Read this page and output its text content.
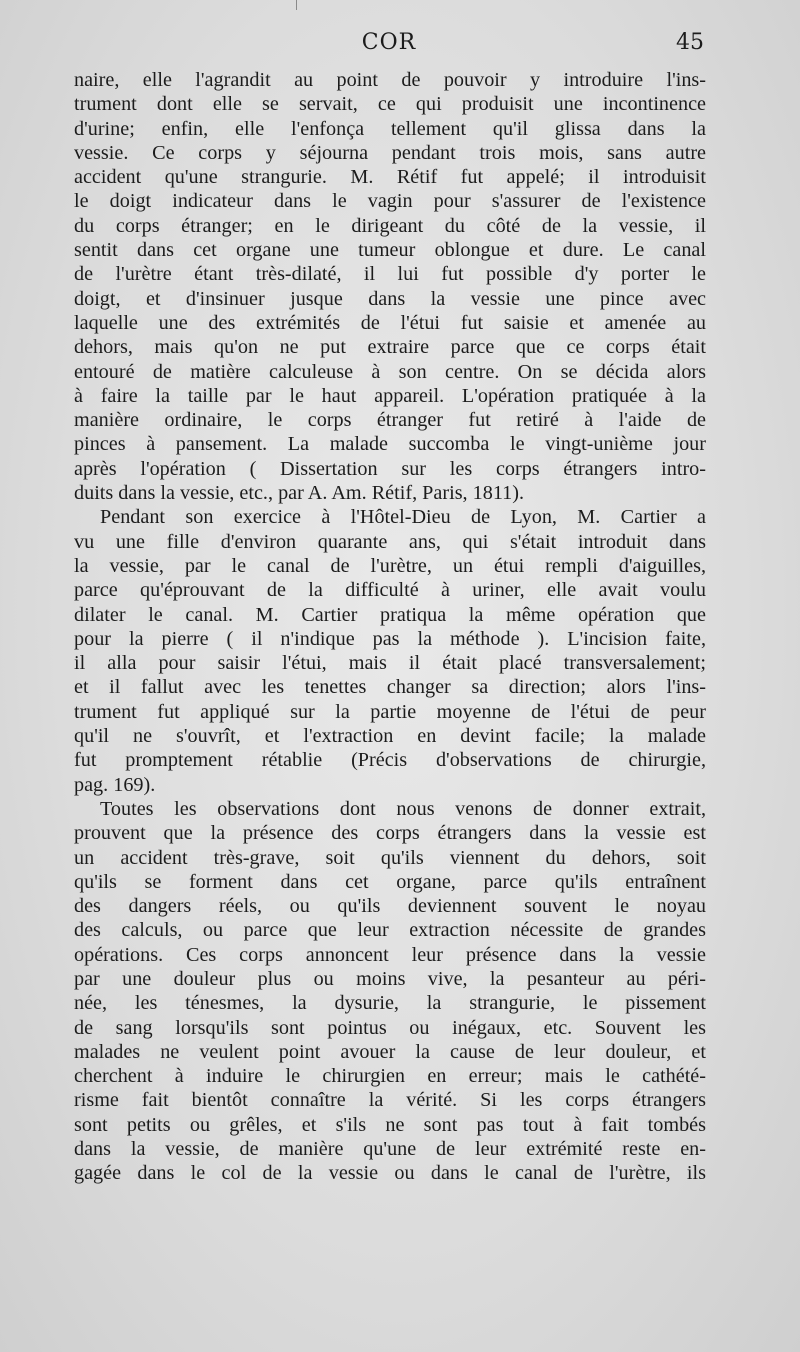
COR	45
naire, elle l'agrandit au point de pouvoir y introduire l'ins-
trument dont elle se servait, ce qui produisit une incontinence
d'urine; enfin, elle l'enfonça tellement qu'il glissa dans la
vessie. Ce corps y séjourna pendant trois mois, sans autre
accident qu'une strangurie. M. Rétif fut appelé; il introduisit
le doigt indicateur dans le vagin pour s'assurer de l'existence
du corps étranger; en le dirigeant du côté de la vessie, il
sentit dans cet organe une tumeur oblongue et dure. Le canal
de l'urètre étant très-dilaté, il lui fut possible d'y porter le
doigt, et d'insinuer jusque dans la vessie une pince avec
laquelle une des extrémités de l'étui fut saisie et amenée au
dehors, mais qu'on ne put extraire parce que ce corps était
entouré de matière calculeuse à son centre. On se décida alors
à faire la taille par le haut appareil. L'opération pratiquée à la
manière ordinaire, le corps étranger fut retiré à l'aide de
pinces à pansement. La malade succomba le vingt-unième jour
après l'opération ( Dissertation sur les corps étrangers intro-
duits dans la vessie, etc., par A. Am. Rétif, Paris, 1811).
Pendant son exercice à l'Hôtel-Dieu de Lyon, M. Cartier a
vu une fille d'environ quarante ans, qui s'était introduit dans
la vessie, par le canal de l'urètre, un étui rempli d'aiguilles,
parce qu'éprouvant de la difficulté à uriner, elle avait voulu
dilater le canal. M. Cartier pratiqua la même opération que
pour la pierre ( il n'indique pas la méthode ). L'incision faite,
il alla pour saisir l'étui, mais il était placé transversalement;
et il fallut avec les tenettes changer sa direction; alors l'ins-
trument fut appliqué sur la partie moyenne de l'étui de peur
qu'il ne s'ouvrît, et l'extraction en devint facile; la malade
fut promptement rétablie (Précis d'observations de chirurgie,
pag. 169).
Toutes les observations dont nous venons de donner extrait,
prouvent que la présence des corps étrangers dans la vessie est
un accident très-grave, soit qu'ils viennent du dehors, soit
qu'ils se forment dans cet organe, parce qu'ils entraînent
des dangers réels, ou qu'ils deviennent souvent le noyau
des calculs, ou parce que leur extraction nécessite de grandes
opérations. Ces corps annoncent leur présence dans la vessie
par une douleur plus ou moins vive, la pesanteur au péri-
née, les ténesmes, la dysurie, la strangurie, le pissement
de sang lorsqu'ils sont pointus ou inégaux, etc. Souvent les
malades ne veulent point avouer la cause de leur douleur, et
cherchent à induire le chirurgien en erreur; mais le cathété-
risme fait bientôt connaître la vérité. Si les corps étrangers
sont petits ou grêles, et s'ils ne sont pas tout à fait tombés
dans la vessie, de manière qu'une de leur extrémité reste en-
gagée dans le col de la vessie ou dans le canal de l'urètre, ils
